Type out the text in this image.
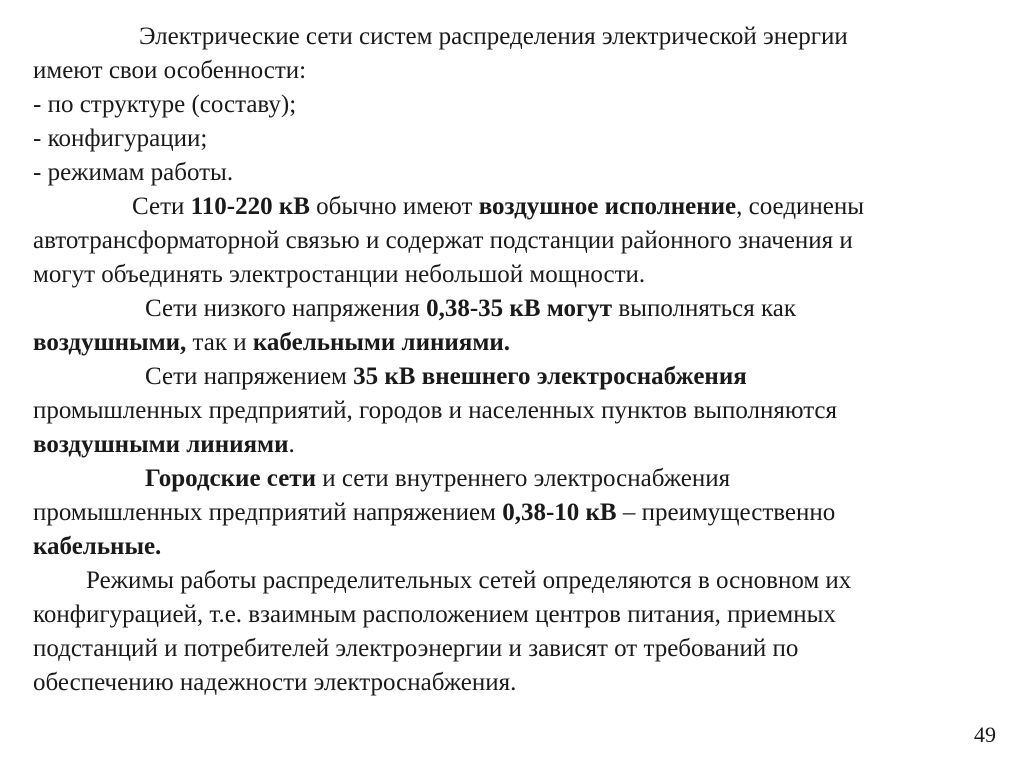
Электрические сети систем распределения электрической энергии
имеют свои особенности:
- по структуре (составу);
- конфигурации;
- режимам работы.
Сети 110-220 кВ обычно имеют воздушное исполнение, соединены
автотрансформаторной связью и содержат подстанции районного значения и
могут объединять электростанции небольшой мощности.
Сети низкого напряжения 0,38-35 кВ могут выполняться как
воздушными, так и кабельными линиями.
Сети напряжением 35 кВ внешнего электроснабжения
промышленных предприятий, городов и населенных пунктов выполняются
воздушными линиями.
Городские сети и сети внутреннего электроснабжения
промышленных предприятий напряжением 0,38-10 кВ – преимущественно
кабельные.
Режимы работы распределительных сетей определяются в основном их
конфигурацией, т.е. взаимным расположением центров питания, приемных
подстанций и потребителей электроэнергии и зависят от требований по
обеспечению надежности электроснабжения.
49
